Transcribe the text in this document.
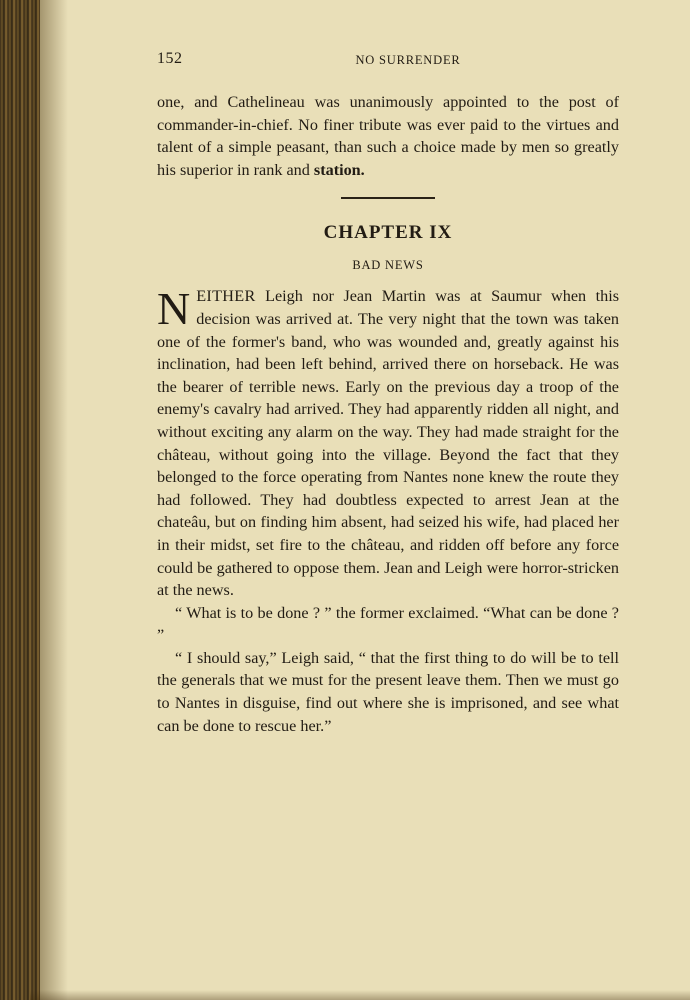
152	NO SURRENDER

one, and Cathelineau was unanimously appointed to the post of commander-in-chief. No finer tribute was ever paid to the virtues and talent of a simple peasant, than such a choice made by men so greatly his superior in rank and station.

CHAPTER IX
BAD NEWS

NEITHER Leigh nor Jean Martin was at Saumur when this decision was arrived at. The very night that the town was taken one of the former's band, who was wounded and, greatly against his inclination, had been left behind, arrived there on horseback. He was the bearer of terrible news. Early on the previous day a troop of the enemy's cavalry had arrived. They had apparently ridden all night, and without exciting any alarm on the way. They had made straight for the château, without going into the village. Beyond the fact that they belonged to the force operating from Nantes none knew the route they had followed. They had doubtless expected to arrest Jean at the chateâu, but on finding him absent, had seized his wife, had placed her in their midst, set fire to the château, and ridden off before any force could be gathered to oppose them. Jean and Leigh were horror-stricken at the news.

“ What is to be done ? ” the former exclaimed. “What can be done ? ”

“ I should say,” Leigh said, “ that the first thing to do will be to tell the generals that we must for the present leave them. Then we must go to Nantes in disguise, find out where she is imprisoned, and see what can be done to rescue her.”
